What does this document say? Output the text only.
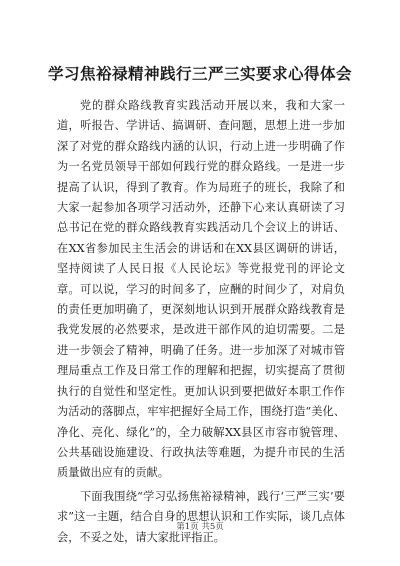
学习焦裕禄精神践行三严三实要求心得体会

党的群众路线教育实践活动开展以来，我和大家一道，听报告、学讲话、搞调研、查问题，思想上进一步加深了对党的群众路线内涵的认识，行动上进一步明确了作为一名党员领导干部如何践行党的群众路线。一是进一步提高了认识，得到了教育。作为局班子的班长，我除了和大家一起参加各项学习活动外，还静下心来认真研读了习总书记在党的群众路线教育实践活动几个会议上的讲话、在XX省参加民主生活会的讲话和在XX县区调研的讲话，坚持阅读了人民日报《人民论坛》等党报党刊的评论文章。可以说，学习的时间多了，应酬的时间少了，对肩负的责任更加明确了，更深刻地认识到开展群众路线教育是我党发展的必然要求，是改进干部作风的迫切需要。二是进一步领会了精神，明确了任务。进一步加深了对城市管理局重点工作及日常工作的理解和把握，切实提高了贯彻执行的自觉性和坚定性。更加认识到要把做好本职工作作为活动的落脚点，牢牢把握好全局工作，围绕打造“美化、净化、亮化、绿化”的，全力破解XX县区市容市貌管理、公共基础设施建设、行政执法等难题，为提升市民的生活质量做出应有的贡献。

下面我围绕“学习弘扬焦裕禄精神，践行‘三严三实’要求”这一主题，结合自身的思想认识和工作实际，谈几点体会，不妥之处，请大家批评指正。

第1页 共5页
